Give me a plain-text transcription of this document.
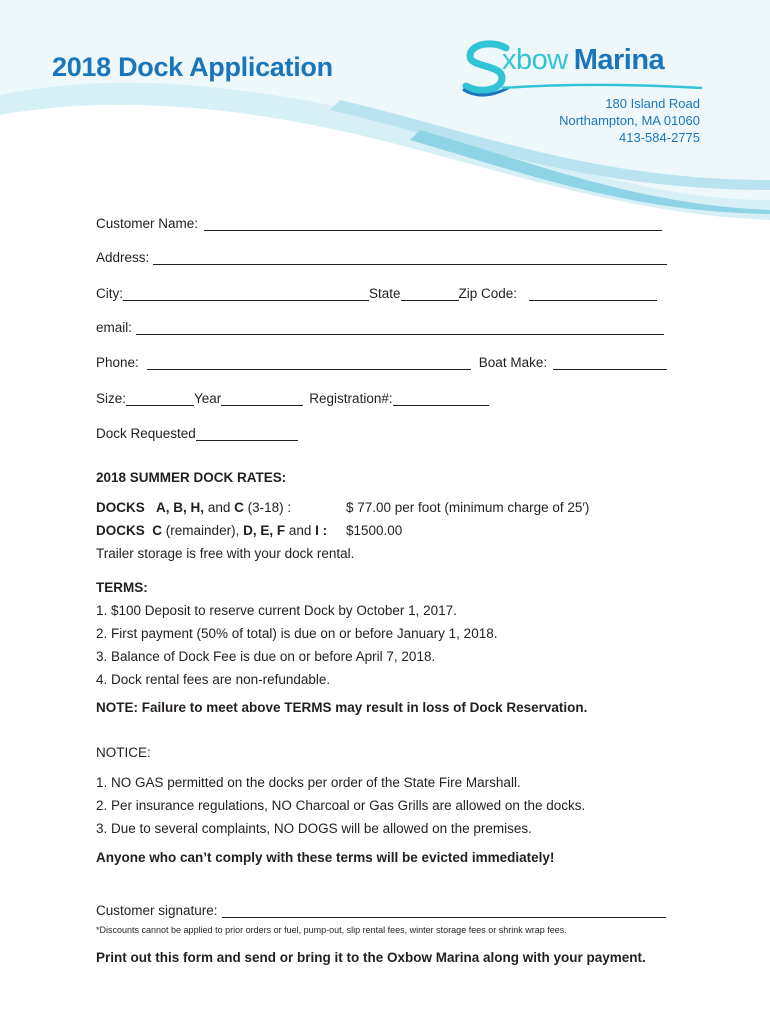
2018 Dock Application	xbow Marina
180 Island Road
Northampton, MA 01060
413-584-2775
Customer Name:
Address:
City:	State	Zip Code:
email:
Phone:	Boat Make:
Size:	Year	Registration#:
Dock Requested
2018 SUMMER DOCK RATES:
DOCKS A, B, H, and C (3-18) :	$ 77.00 per foot (minimum charge of 25′)
DOCKS C (remainder), D, E, F and I : $1500.00
Trailer storage is free with your dock rental.
TERMS:
1. $100 Deposit to reserve current Dock by October 1, 2017.
2. First payment (50% of total) is due on or before January 1, 2018.
3. Balance of Dock Fee is due on or before April 7, 2018.
4. Dock rental fees are non-refundable.
NOTE: Failure to meet above TERMS may result in loss of Dock Reservation.
NOTICE:
1. NO GAS permitted on the docks per order of the State Fire Marshall.
2. Per insurance regulations, NO Charcoal or Gas Grills are allowed on the docks.
3. Due to several complaints, NO DOGS will be allowed on the premises.
Anyone who can’t comply with these terms will be evicted immediately!
Customer signature:
*Discounts cannot be applied to prior orders or fuel, pump-out, slip rental fees, winter storage fees or shrink wrap fees.
Print out this form and send or bring it to the Oxbow Marina along with your payment.
